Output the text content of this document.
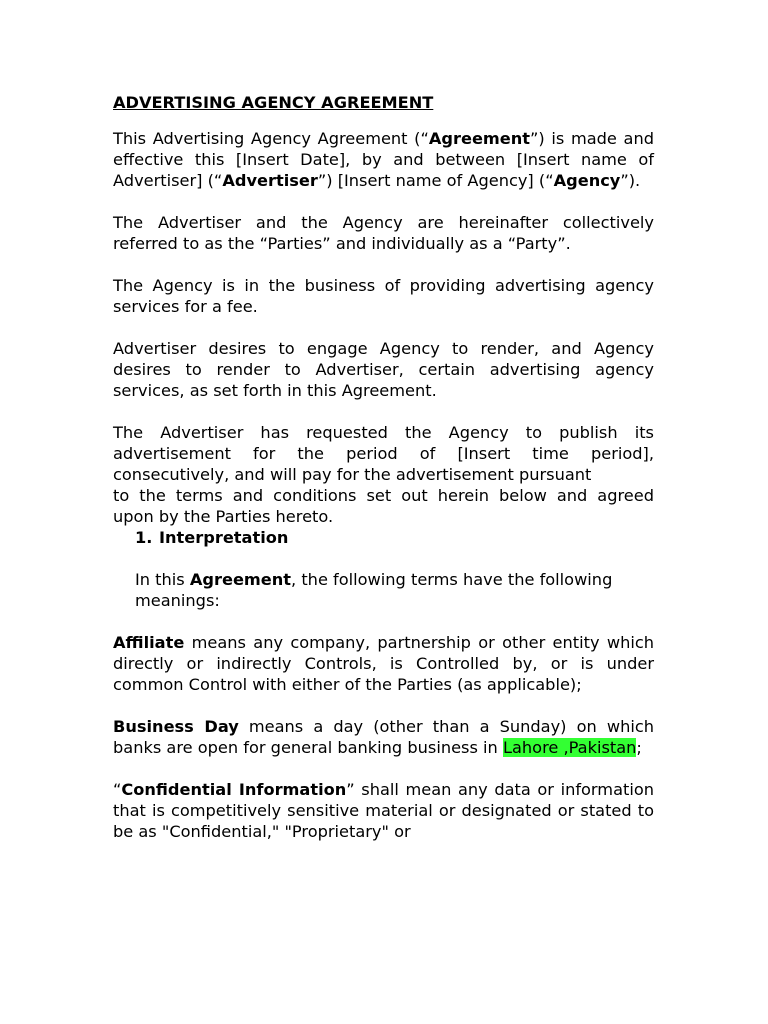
ADVERTISING AGENCY AGREEMENT

This Advertising Agency Agreement (“Agreement”) is made and effective this [Insert Date], by and between [Insert name of Advertiser] (“Advertiser”) [Insert name of Agency] (“Agency”).

The Advertiser and the Agency are hereinafter collectively referred to as the “Parties” and individually as a “Party”.

The Agency is in the business of providing advertising agency services for a fee.

Advertiser desires to engage Agency to render, and Agency desires to render to Advertiser, certain advertising agency services, as set forth in this Agreement.

The Advertiser has requested the Agency to publish its
advertisement for the period of [Insert time period],
consecutively, and will pay for the advertisement pursuant
to the terms and conditions set out herein below and agreed
upon by the Parties hereto.
1. Interpretation

In this Agreement, the following terms have the following meanings:

Affiliate means any company, partnership or other entity which directly or indirectly Controls, is Controlled by, or is under common Control with either of the Parties (as applicable);

Business Day means a day (other than a Sunday) on which banks are open for general banking business in Lahore ,Pakistan;

“Confidential Information” shall mean any data or information that is competitively sensitive material or designated or stated to be as "Confidential," "Proprietary" or
